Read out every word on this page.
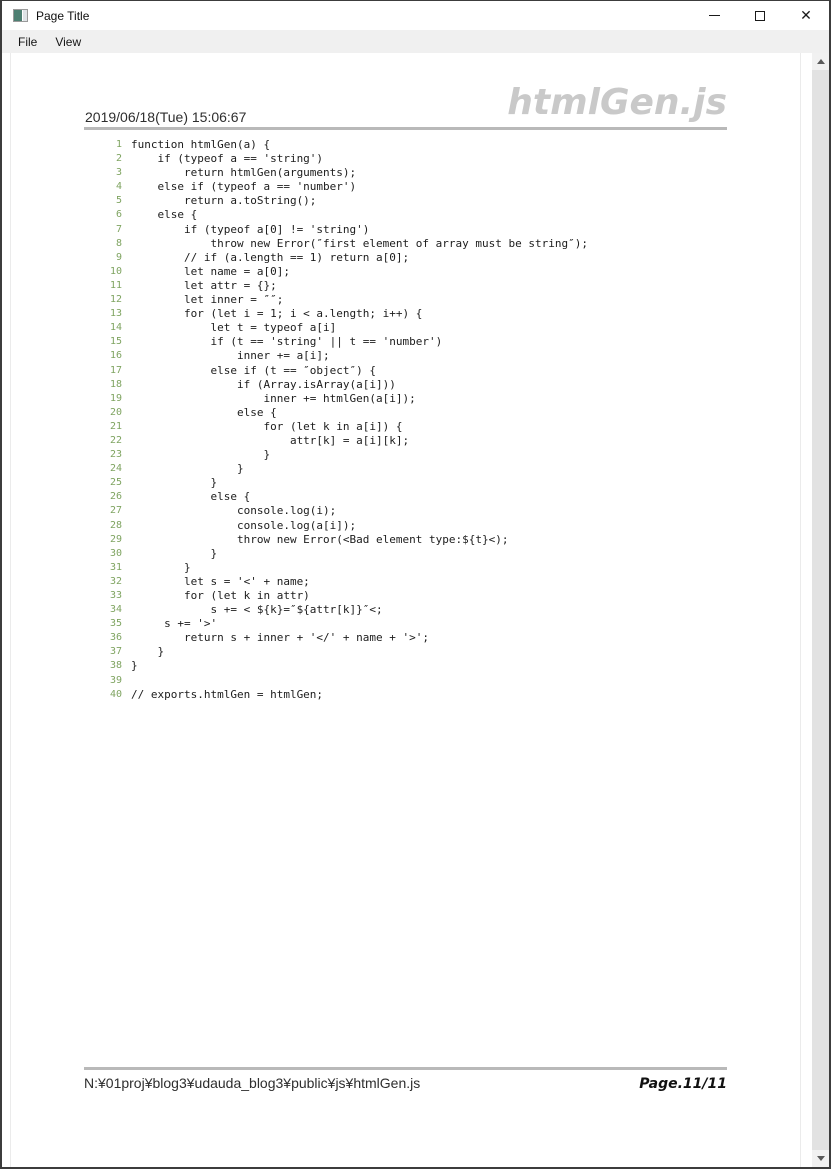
Page Title	✕
File	View
2019/06/18(Tue) 15:06:67	htmlGen.js
1 function htmlGen(a) {
2 if (typeof a == 'string')
3 return htmlGen(arguments);
4 else if (typeof a == 'number')
5 return a.toString();
6 else {
7 if (typeof a[0] != 'string')
8 throw new Error(″first element of array must be string″);
9 // if (a.length == 1) return a[0];
10 let name = a[0];
11 let attr = {};
12 let inner = ″″;
13 for (let i = 1; i < a.length; i++) {
14 let t = typeof a[i]
15 if (t == 'string' || t == 'number')
16 inner += a[i];
17 else if (t == ″object″) {
18 if (Array.isArray(a[i]))
19 inner += htmlGen(a[i]);
20 else {
21 for (let k in a[i]) {
22 attr[k] = a[i][k];
23 }
24 }
25 }
26 else {
27 console.log(i);
28 console.log(a[i]);
29 throw new Error(<Bad element type:${t}<);
30 }
31 }
32 let s = '<' + name;
33 for (let k in attr)
34 s += < ${k}=″${attr[k]}″<;
35 s += '>'
36 return s + inner + '</' + name + '>';
37 }
38 }
39
40 // exports.htmlGen = htmlGen;
N:¥01proj¥blog3¥udauda_blog3¥public¥js¥htmlGen.js	Page.11/11
